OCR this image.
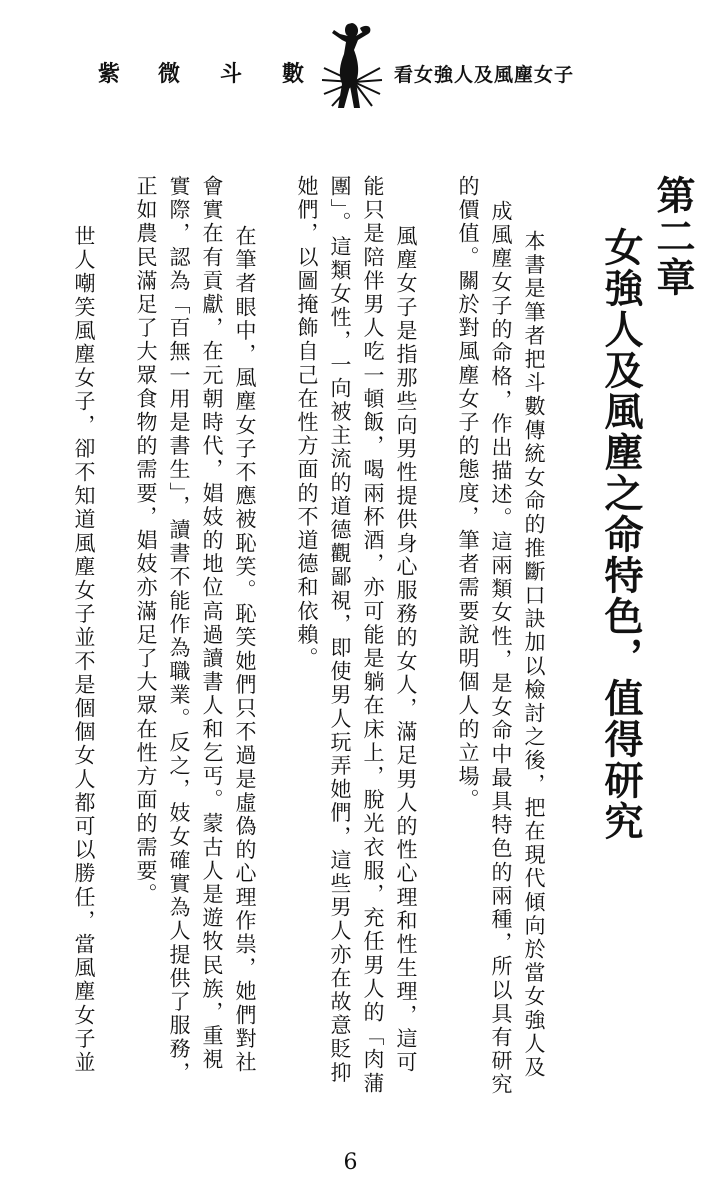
紫 微 斗 數	看女強人及風塵女子
第二章
女強人及風塵之命特色，值得研究
本書是筆者把斗數傳統女命的推斷口訣加以檢討之後，把在現代傾向於當女強人及
成風塵女子的命格，作出描述。這兩類女性，是女命中最具特色的兩種，所以具有研究
的價值。關於對風塵女子的態度，筆者需要說明個人的立場。
風塵女子是指那些向男性提供身心服務的女人，滿足男人的性心理和性生理，這可
能只是陪伴男人吃一頓飯，喝兩杯酒，亦可能是躺在床上，脫光衣服，充任男人的「肉蒲
團」。這類女性，一向被主流的道德觀鄙視，即使男人玩弄她們，這些男人亦在故意貶抑
她們，以圖掩飾自己在性方面的不道德和依賴。
在筆者眼中，風塵女子不應被恥笑。恥笑她們只不過是虛偽的心理作祟，她們對社
會實在有貢獻，在元朝時代，娼妓的地位高過讀書人和乞丐。蒙古人是遊牧民族，重視
實際，認為「百無一用是書生」，讀書不能作為職業。反之，妓女確實為人提供了服務，
正如農民滿足了大眾食物的需要，娼妓亦滿足了大眾在性方面的需要。
世人嘲笑風塵女子，卻不知道風塵女子並不是個個女人都可以勝任，當風塵女子並
6
